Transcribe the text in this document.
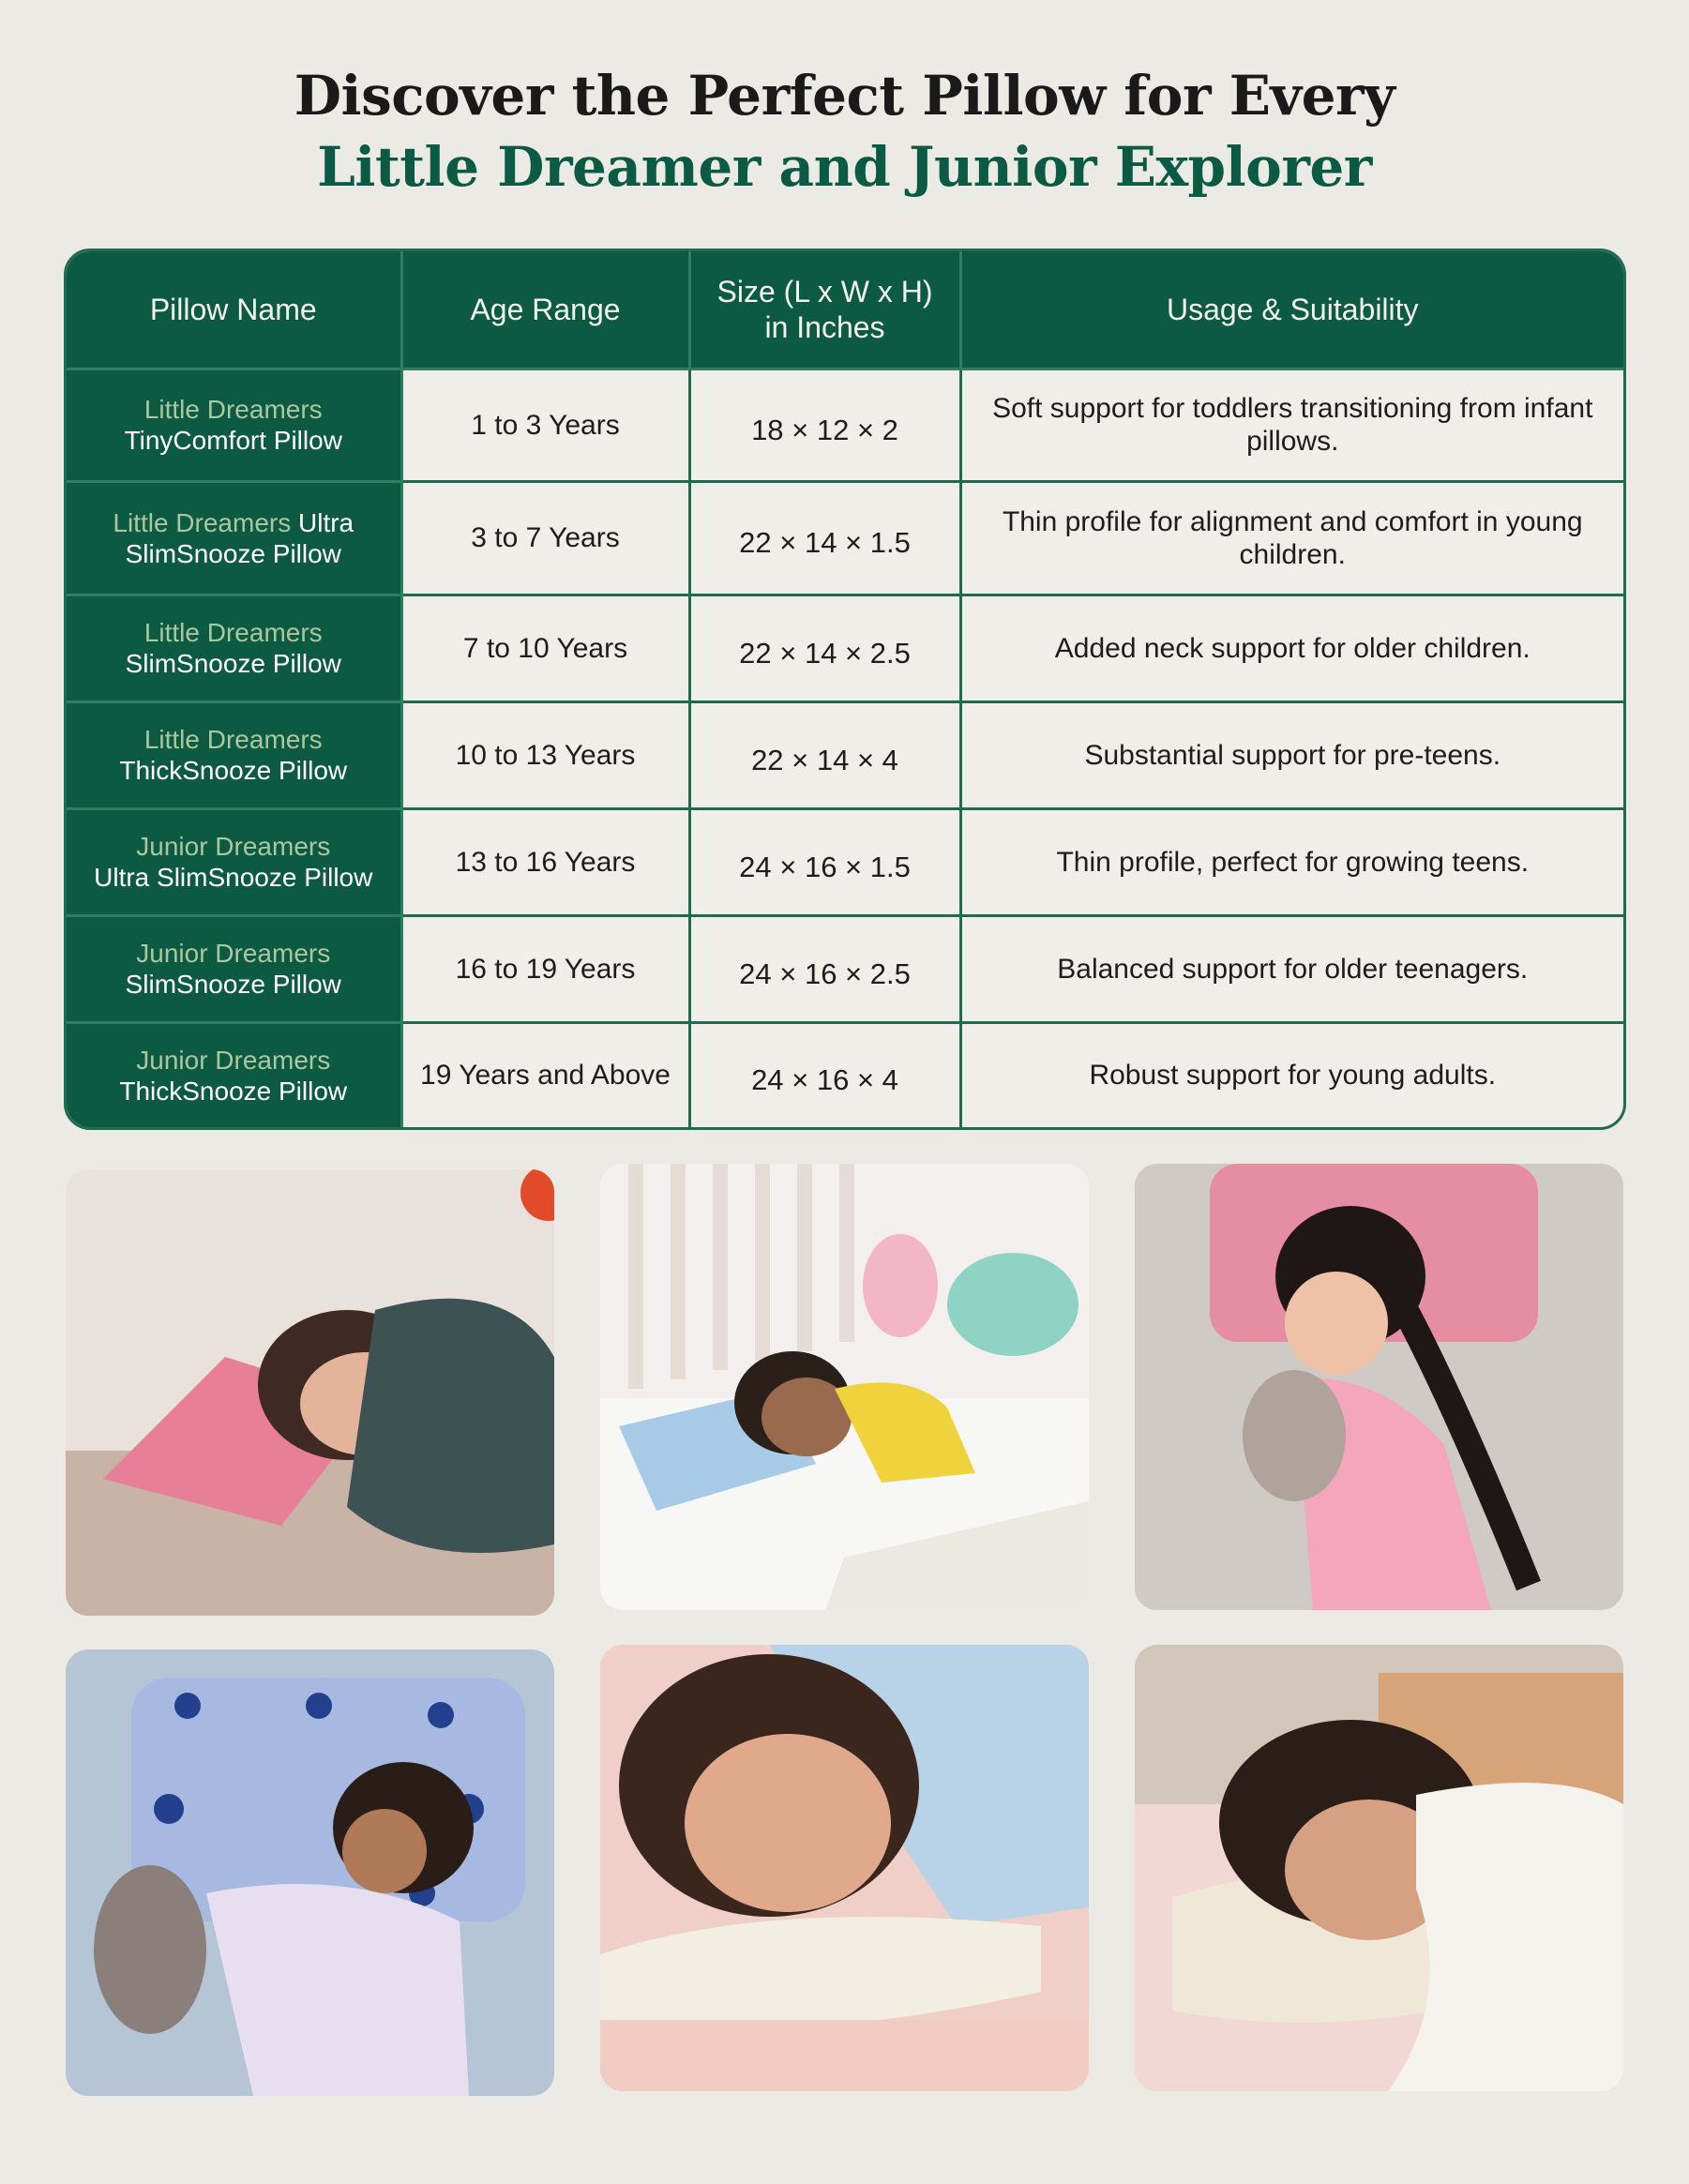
Discover the Perfect Pillow for Every
Little Dreamer and Junior Explorer
Pillow Name	Age Range	Size (L x W x H)
in Inches	Usage & Suitability
Little Dreamers
TinyComfort Pillow	1 to 3 Years	18 × 12 × 2	Soft support for toddlers transitioning from infant pillows.
Little Dreamers Ultra
SlimSnooze Pillow	3 to 7 Years	22 × 14 × 1.5	Thin profile for alignment and comfort in young children.
Little Dreamers
SlimSnooze Pillow	7 to 10 Years	22 × 14 × 2.5	Added neck support for older children.
Little Dreamers
ThickSnooze Pillow	10 to 13 Years	22 × 14 × 4	Substantial support for pre-teens.
Junior Dreamers
Ultra SlimSnooze Pillow	13 to 16 Years	24 × 16 × 1.5	Thin profile, perfect for growing teens.
Junior Dreamers
SlimSnooze Pillow	16 to 19 Years	24 × 16 × 2.5	Balanced support for older teenagers.
Junior Dreamers
ThickSnooze Pillow	19 Years and Above	24 × 16 × 4	Robust support for young adults.
